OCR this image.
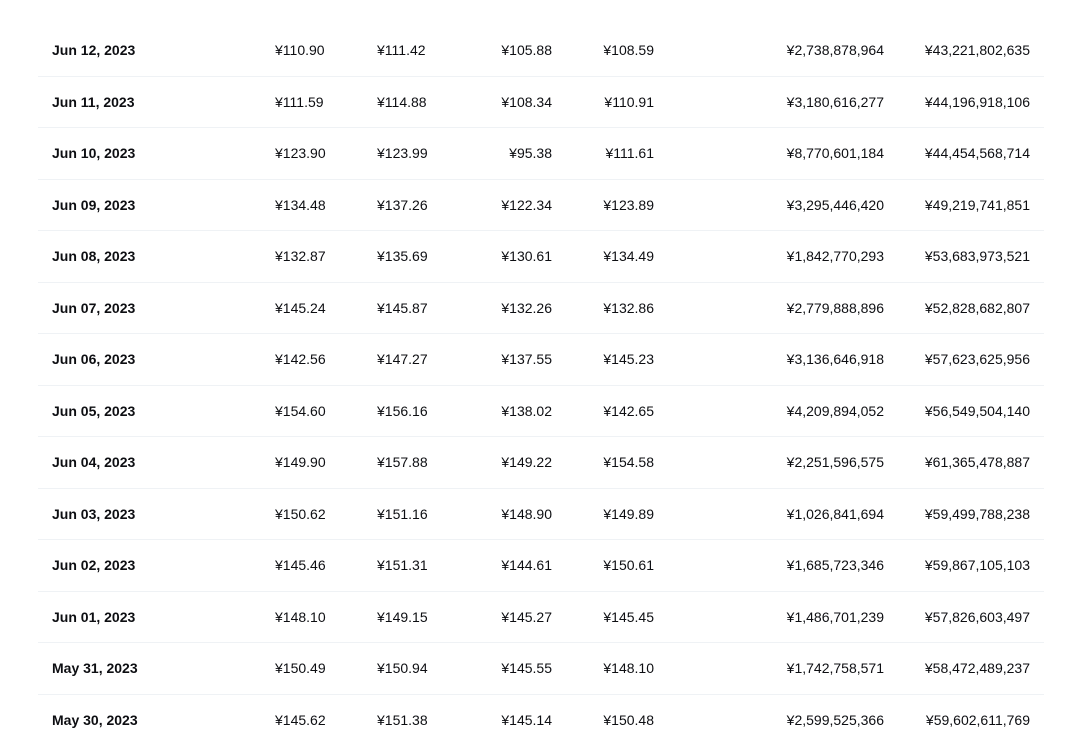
Jun 12, 2023	¥110.90	¥111.42	¥105.88	¥108.59	¥2,738,878,964	¥43,221,802,635
Jun 11, 2023	¥111.59	¥114.88	¥108.34	¥110.91	¥3,180,616,277	¥44,196,918,106
Jun 10, 2023	¥123.90	¥123.99	¥95.38	¥111.61	¥8,770,601,184	¥44,454,568,714
Jun 09, 2023	¥134.48	¥137.26	¥122.34	¥123.89	¥3,295,446,420	¥49,219,741,851
Jun 08, 2023	¥132.87	¥135.69	¥130.61	¥134.49	¥1,842,770,293	¥53,683,973,521
Jun 07, 2023	¥145.24	¥145.87	¥132.26	¥132.86	¥2,779,888,896	¥52,828,682,807
Jun 06, 2023	¥142.56	¥147.27	¥137.55	¥145.23	¥3,136,646,918	¥57,623,625,956
Jun 05, 2023	¥154.60	¥156.16	¥138.02	¥142.65	¥4,209,894,052	¥56,549,504,140
Jun 04, 2023	¥149.90	¥157.88	¥149.22	¥154.58	¥2,251,596,575	¥61,365,478,887
Jun 03, 2023	¥150.62	¥151.16	¥148.90	¥149.89	¥1,026,841,694	¥59,499,788,238
Jun 02, 2023	¥145.46	¥151.31	¥144.61	¥150.61	¥1,685,723,346	¥59,867,105,103
Jun 01, 2023	¥148.10	¥149.15	¥145.27	¥145.45	¥1,486,701,239	¥57,826,603,497
May 31, 2023	¥150.49	¥150.94	¥145.55	¥148.10	¥1,742,758,571	¥58,472,489,237
May 30, 2023	¥145.62	¥151.38	¥145.14	¥150.48	¥2,599,525,366	¥59,602,611,769
